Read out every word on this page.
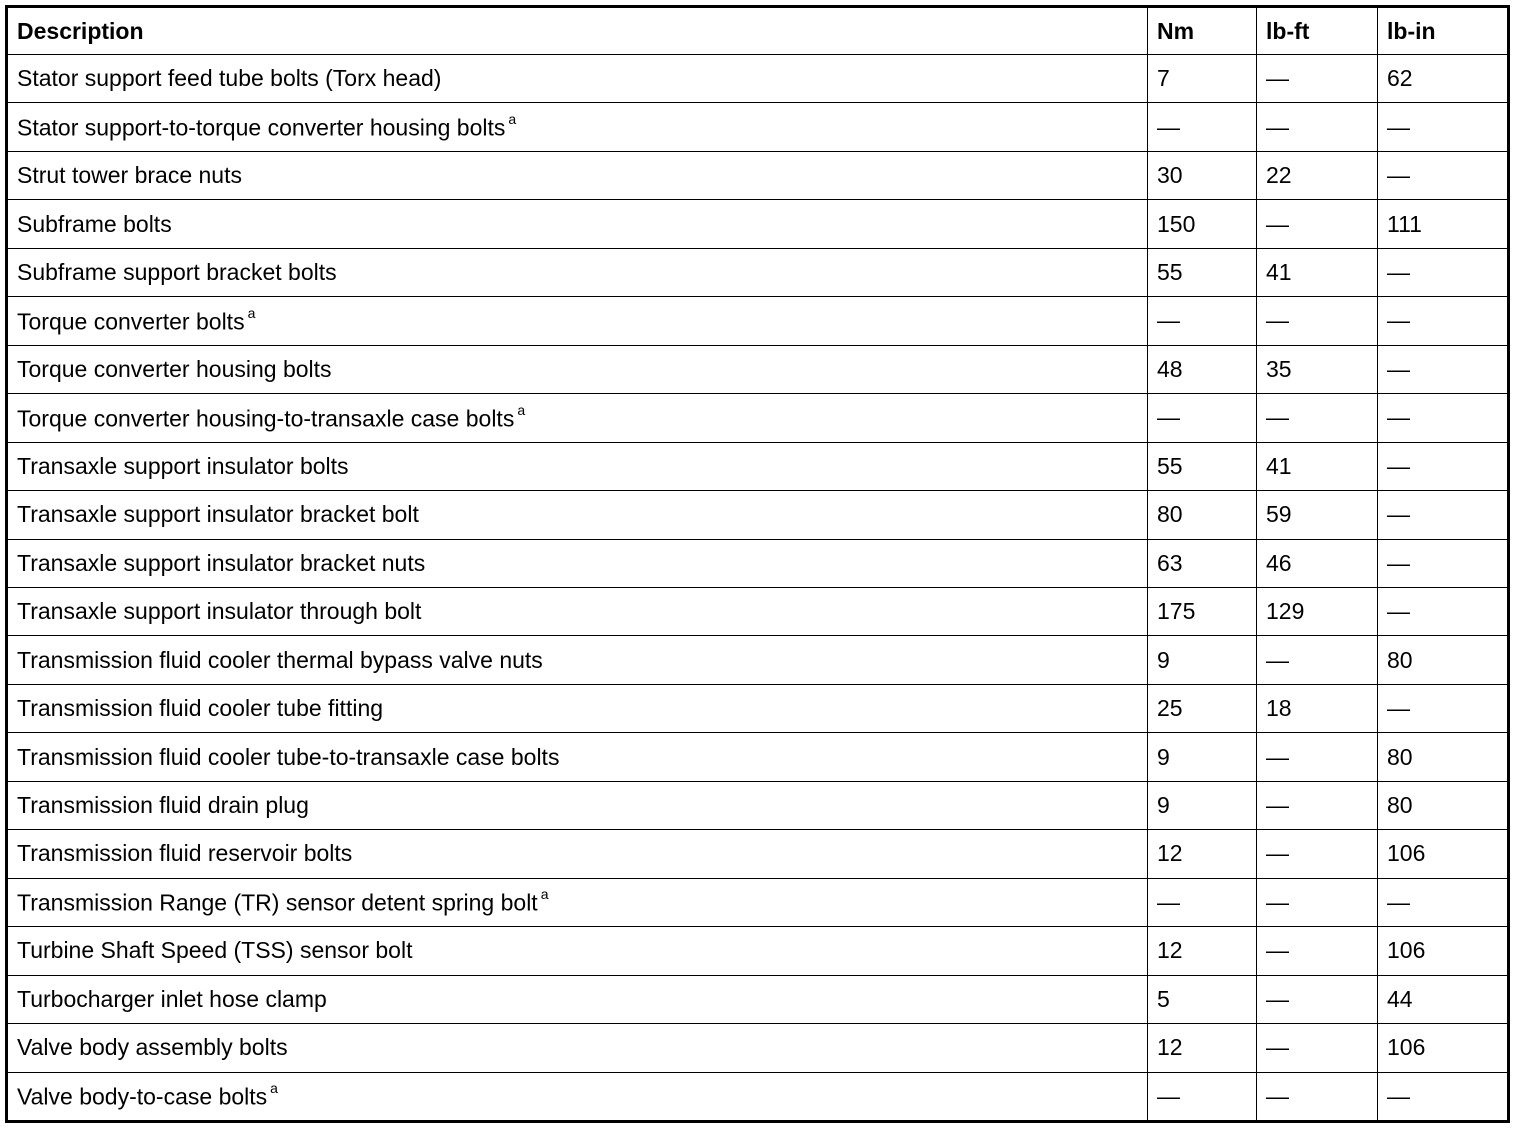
Description	Nm	lb-ft	lb-in
Stator support feed tube bolts (Torx head)	7	—	62
Stator support-to-torque converter housing bolts $^a$	—	—	—
Strut tower brace nuts	30	22	—
Subframe bolts	150	—	111
Subframe support bracket bolts	55	41	—
Torque converter bolts $^a$	—	—	—
Torque converter housing bolts	48	35	—
Torque converter housing-to-transaxle case bolts $^a$	—	—	—
Transaxle support insulator bolts	55	41	—
Transaxle support insulator bracket bolt	80	59	—
Transaxle support insulator bracket nuts	63	46	—
Transaxle support insulator through bolt	175	129	—
Transmission fluid cooler thermal bypass valve nuts	9	—	80
Transmission fluid cooler tube fitting	25	18	—
Transmission fluid cooler tube-to-transaxle case bolts	9	—	80
Transmission fluid drain plug	9	—	80
Transmission fluid reservoir bolts	12	—	106
Transmission Range (TR) sensor detent spring bolt $^a$	—	—	—
Turbine Shaft Speed (TSS) sensor bolt	12	—	106
Turbocharger inlet hose clamp	5	—	44
Valve body assembly bolts	12	—	106
Valve body-to-case bolts $^a$	—	—	—
